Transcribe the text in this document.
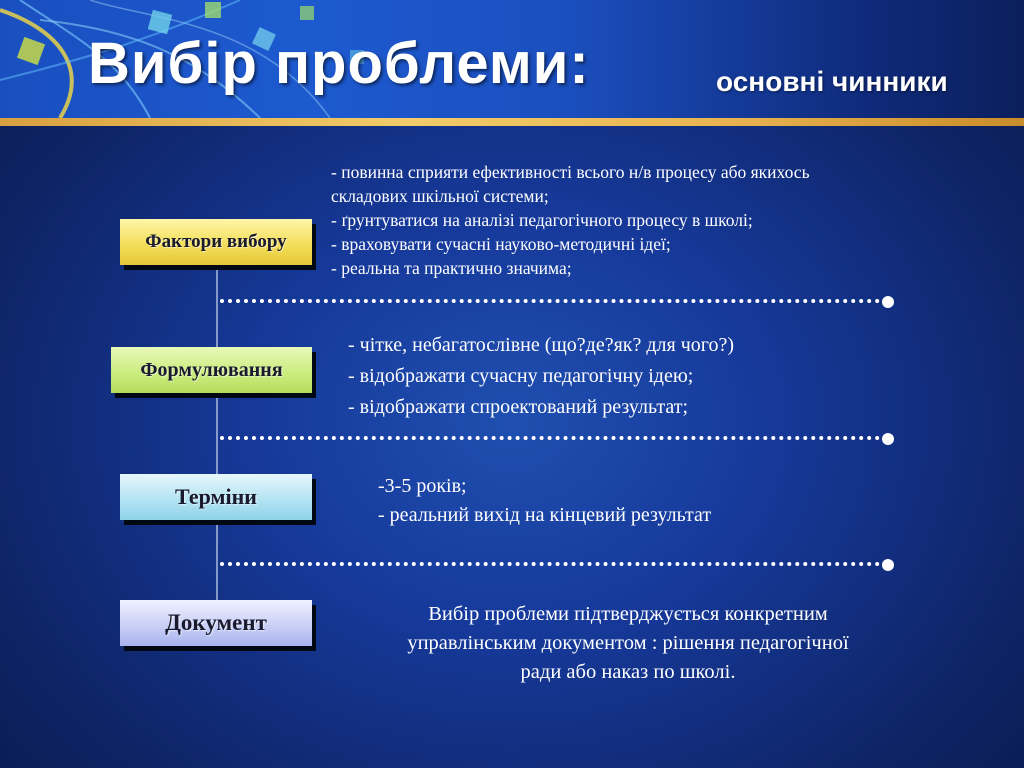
Вибір проблеми:	основні чинники
Фактори вибору
- повинна сприяти ефективності всього н/в процесу або якихось
складових шкільної системи;
- ґрунтуватися на аналізі педагогічного процесу в школі;
- враховувати сучасні науково-методичні ідеї;
- реальна та практично значима;
Формулювання
- чітке, небагатослівне (що?де?як? для чого?)
- відображати сучасну педагогічну ідею;
- відображати спроектований результат;
Терміни	-3-5 років;
- реальний вихід на кінцевий результат
Документ	Вибір проблеми підтверджується конкретним
управлінським документом : рішення педагогічної
ради або наказ по школі.
